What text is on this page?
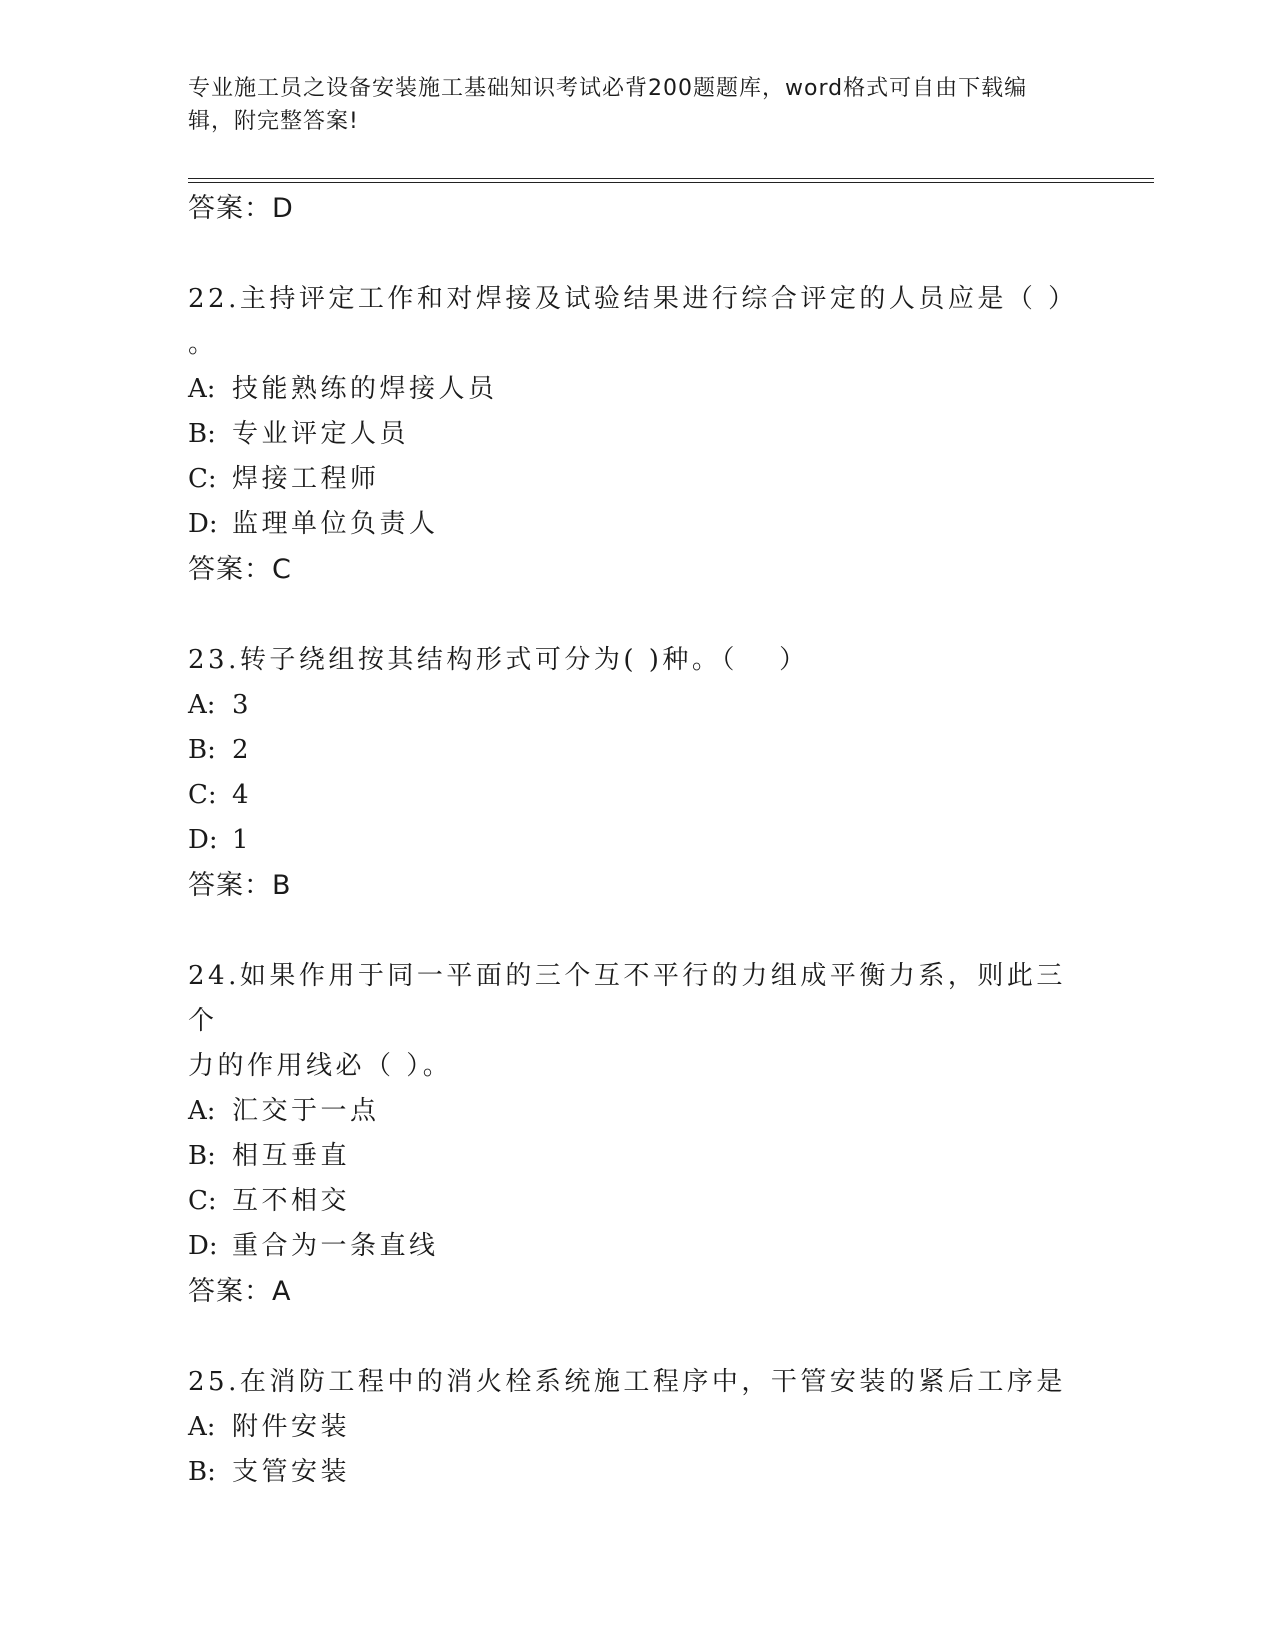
专业施工员之设备安装施工基础知识考试必背200题题库，word格式可自由下载编辑，附完整答案!
答案：D
22.主持评定工作和对焊接及试验结果进行综合评定的人员应是（ ）
。
A: 技能熟练的焊接人员
B: 专业评定人员
C: 焊接工程师
D: 监理单位负责人
答案：C
23.转子绕组按其结构形式可分为( )种。（　 ）
A: 3
B: 2
C: 4
D: 1
答案：B
24.如果作用于同一平面的三个互不平行的力组成平衡力系，则此三个
力的作用线必（ ）。
A: 汇交于一点
B: 相互垂直
C: 互不相交
D: 重合为一条直线
答案：A
25.在消防工程中的消火栓系统施工程序中，干管安装的紧后工序是
A: 附件安装
B: 支管安装
